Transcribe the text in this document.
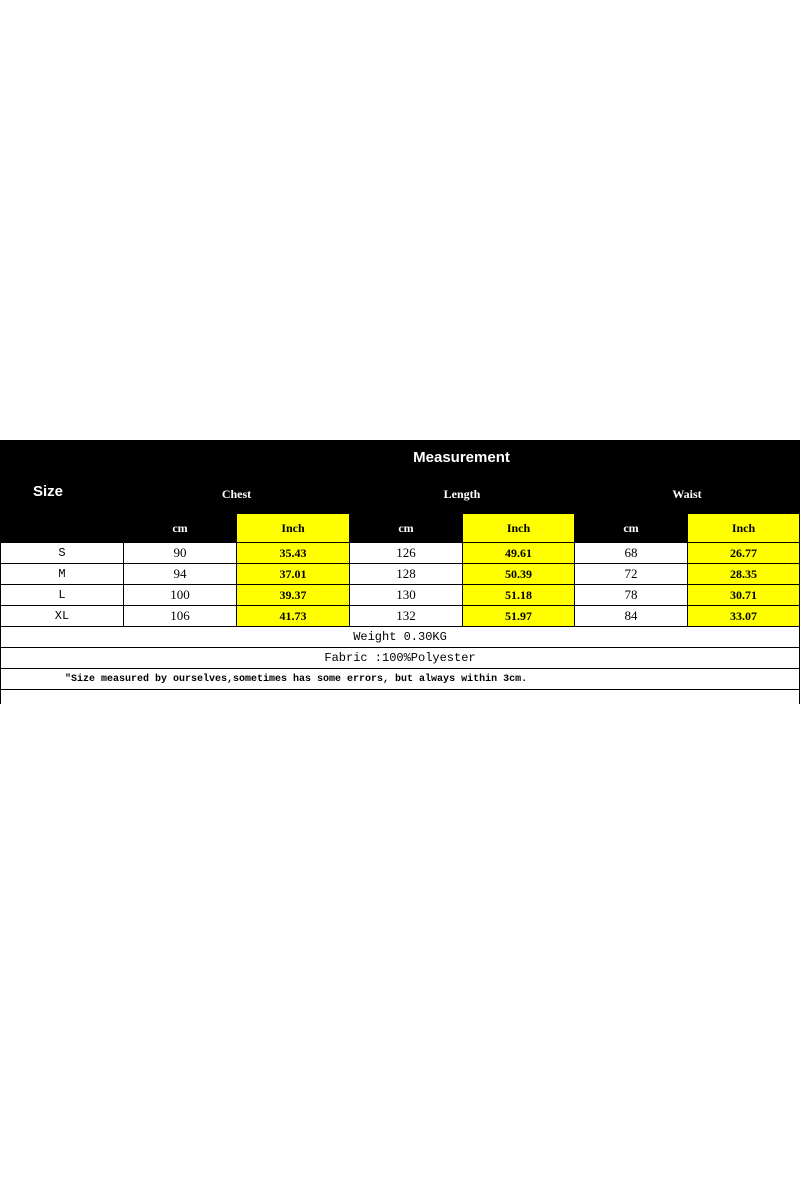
Size	Measurement					
	Chest		Length		Waist	
	cm	Inch	cm	Inch	cm	Inch
S	90	35.43	126	49.61	68	26.77
M	94	37.01	128	50.39	72	28.35
L	100	39.37	130	51.18	78	30.71
XL	106	41.73	132	51.97	84	33.07
Weight 0.30KG						
Fabric :100%Polyester						
"Size measured by ourselves,sometimes has some errors, but always within 3cm.						
